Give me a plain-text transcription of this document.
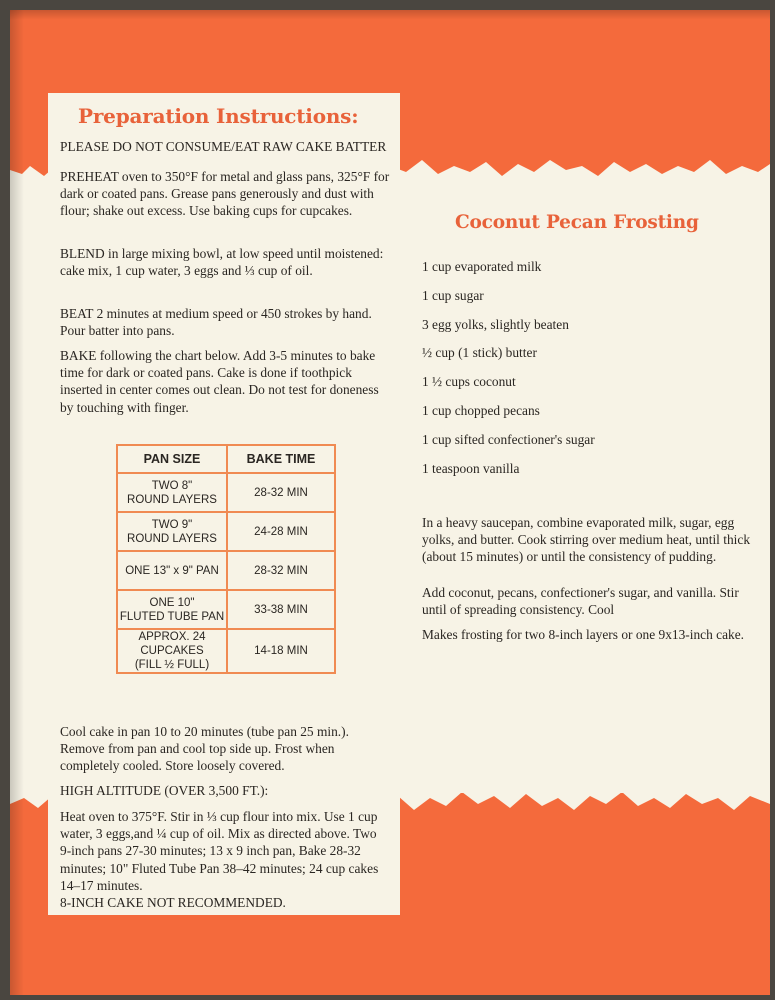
Preparation Instructions:

PLEASE DO NOT CONSUME/EAT RAW CAKE BATTER

PREHEAT oven to 350°F for metal and glass pans, 325°F for dark or coated pans. Grease pans generously and dust with flour; shake out excess. Use baking cups for cupcakes.

BLEND in large mixing bowl, at low speed until moistened: cake mix, 1 cup water, 3 eggs and ⅓ cup of oil.

BEAT 2 minutes at medium speed or 450 strokes by hand. Pour batter into pans.

BAKE following the chart below. Add 3-5 minutes to bake time for dark or coated pans. Cake is done if toothpick inserted in center comes out clean. Do not test for doneness by touching with finger.

PAN SIZE	BAKE TIME
TWO 8"
ROUND LAYERS	28-32 MIN
TWO 9"
ROUND LAYERS	24-28 MIN
ONE 13" x 9" PAN	28-32 MIN
ONE 10"
FLUTED TUBE PAN	33-38 MIN
APPROX. 24 CUPCAKES
(FILL ½ FULL)	14-18 MIN

Cool cake in pan 10 to 20 minutes (tube pan 25 min.). Remove from pan and cool top side up. Frost when completely cooled. Store loosely covered.

HIGH ALTITUDE (OVER 3,500 FT.):

Heat oven to 375°F. Stir in ⅓ cup flour into mix. Use 1 cup water, 3 eggs,and ¼ cup of oil. Mix as directed above. Two 9-inch pans 27-30 minutes; 13 x 9 inch pan, Bake 28-32 minutes; 10" Fluted Tube Pan 38–42 minutes; 24 cup cakes 14–17 minutes.
8-INCH CAKE NOT RECOMMENDED.

Coconut Pecan Frosting
1 cup evaporated milk
1 cup sugar
3 egg yolks, slightly beaten
½ cup (1 stick) butter
1 ½ cups coconut
1 cup chopped pecans
1 cup sifted confectioner's sugar
1 teaspoon vanilla

In a heavy saucepan, combine evaporated milk, sugar, egg yolks, and butter. Cook stirring over medium heat, until thick (about 15 minutes) or until the consistency of pudding.

Add coconut, pecans, confectioner's sugar, and vanilla. Stir until of spreading consistency. Cool

Makes frosting for two 8-inch layers or one 9x13-inch cake.
